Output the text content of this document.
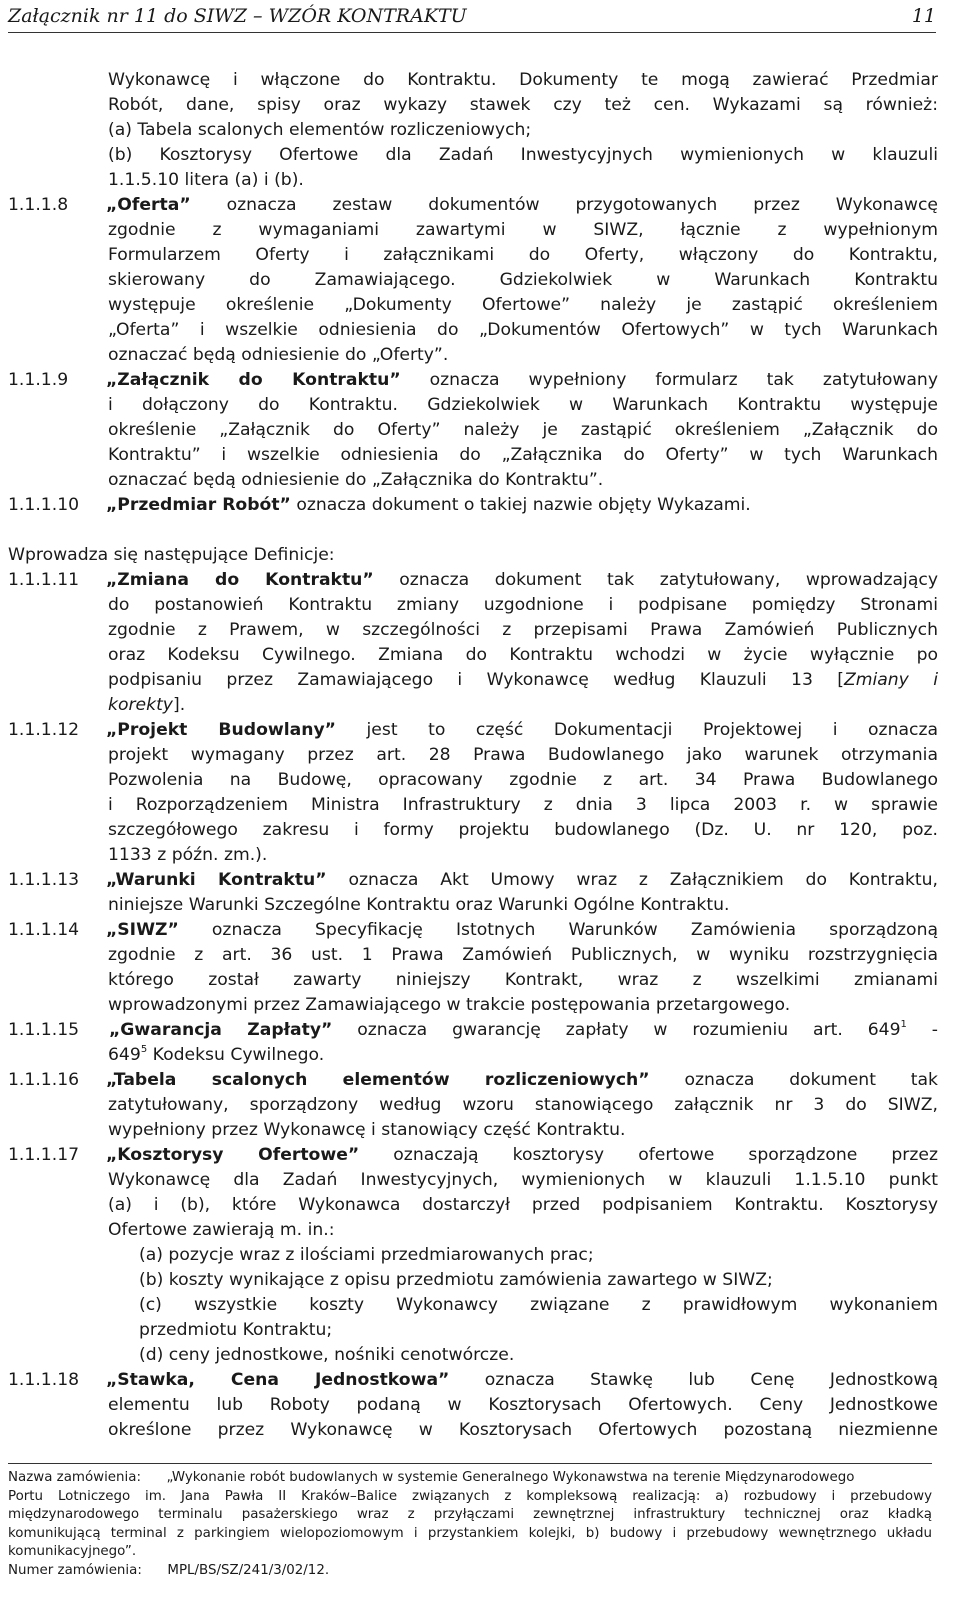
Załącznik nr 11 do SIWZ – WZÓR KONTRAKTU	11
Wykonawcę i włączone do Kontraktu. Dokumenty te mogą zawierać Przedmiar
Robót, dane, spisy oraz wykazy stawek czy też cen. Wykazami są również:
(a) Tabela scalonych elementów rozliczeniowych;
(b) Kosztorysy Ofertowe dla Zadań Inwestycyjnych wymienionych w klauzuli
1.1.5.10 litera (a) i (b).
1.1.1.8	„Oferta” oznacza zestaw dokumentów przygotowanych przez Wykonawcę
zgodnie z wymaganiami zawartymi w SIWZ, łącznie z wypełnionym
Formularzem Oferty i załącznikami do Oferty, włączony do Kontraktu,
skierowany do Zamawiającego. Gdziekolwiek w Warunkach Kontraktu
występuje określenie „Dokumenty Ofertowe” należy je zastąpić określeniem
„Oferta” i wszelkie odniesienia do „Dokumentów Ofertowych” w tych Warunkach
oznaczać będą odniesienie do „Oferty”.
1.1.1.9	„Załącznik do Kontraktu” oznacza wypełniony formularz tak zatytułowany
i dołączony do Kontraktu. Gdziekolwiek w Warunkach Kontraktu występuje
określenie „Załącznik do Oferty” należy je zastąpić określeniem „Załącznik do
Kontraktu” i wszelkie odniesienia do „Załącznika do Oferty” w tych Warunkach
oznaczać będą odniesienie do „Załącznika do Kontraktu”.
1.1.1.10	„Przedmiar Robót” oznacza dokument o takiej nazwie objęty Wykazami.
Wprowadza się następujące Definicje:
1.1.1.11	„Zmiana do Kontraktu” oznacza dokument tak zatytułowany, wprowadzający
do postanowień Kontraktu zmiany uzgodnione i podpisane pomiędzy Stronami
zgodnie z Prawem, w szczególności z przepisami Prawa Zamówień Publicznych
oraz Kodeksu Cywilnego. Zmiana do Kontraktu wchodzi w życie wyłącznie po
podpisaniu przez Zamawiającego i Wykonawcę według Klauzuli 13 [Zmiany i
korekty].
1.1.1.12	„Projekt Budowlany” jest to część Dokumentacji Projektowej i oznacza
projekt wymagany przez art. 28 Prawa Budowlanego jako warunek otrzymania
Pozwolenia na Budowę, opracowany zgodnie z art. 34 Prawa Budowlanego
i Rozporządzeniem Ministra Infrastruktury z dnia 3 lipca 2003 r. w sprawie
szczegółowego zakresu i formy projektu budowlanego (Dz. U. nr 120, poz.
1133 z późn. zm.).
1.1.1.13	„Warunki Kontraktu” oznacza Akt Umowy wraz z Załącznikiem do Kontraktu,
niniejsze Warunki Szczególne Kontraktu oraz Warunki Ogólne Kontraktu.
1.1.1.14	„SIWZ” oznacza Specyfikację Istotnych Warunków Zamówienia sporządzoną
zgodnie z art. 36 ust. 1 Prawa Zamówień Publicznych, w wyniku rozstrzygnięcia
którego został zawarty niniejszy Kontrakt, wraz z wszelkimi zmianami
wprowadzonymi przez Zamawiającego w trakcie postępowania przetargowego.
1.1.1.15	„Gwarancja Zapłaty” oznacza gwarancję zapłaty w rozumieniu art. $649^1$ -
$649^5$ Kodeksu Cywilnego.
1.1.1.16	„Tabela scalonych elementów rozliczeniowych” oznacza dokument tak
zatytułowany, sporządzony według wzoru stanowiącego załącznik nr 3 do SIWZ,
wypełniony przez Wykonawcę i stanowiący część Kontraktu.
1.1.1.17	„Kosztorysy Ofertowe” oznaczają kosztorysy ofertowe sporządzone przez
Wykonawcę dla Zadań Inwestycyjnych, wymienionych w klauzuli 1.1.5.10 punkt
(a) i (b), które Wykonawca dostarczył przed podpisaniem Kontraktu. Kosztorysy
Ofertowe zawierają m. in.:
(a) pozycje wraz z ilościami przedmiarowanych prac;
(b) koszty wynikające z opisu przedmiotu zamówienia zawartego w SIWZ;
(c) wszystkie koszty Wykonawcy związane z prawidłowym wykonaniem
przedmiotu Kontraktu;
(d) ceny jednostkowe, nośniki cenotwórcze.
1.1.1.18	„Stawka, Cena Jednostkowa” oznacza Stawkę lub Cenę Jednostkową
elementu lub Roboty podaną w Kosztorysach Ofertowych. Ceny Jednostkowe
określone przez Wykonawcę w Kosztorysach Ofertowych pozostaną niezmienne
Nazwa zamówienia: „Wykonanie robót budowlanych w systemie Generalnego Wykonawstwa na terenie Międzynarodowego
Portu Lotniczego im. Jana Pawła II Kraków–Balice związanych z kompleksową realizacją: a) rozbudowy i przebudowy
międzynarodowego terminalu pasażerskiego wraz z przyłączami zewnętrznej infrastruktury technicznej oraz kładką
komunikującą terminal z parkingiem wielopoziomowym i przystankiem kolejki, b) budowy i przebudowy wewnętrznego układu
komunikacyjnego”.
Numer zamówienia: MPL/BS/SZ/241/3/02/12.
